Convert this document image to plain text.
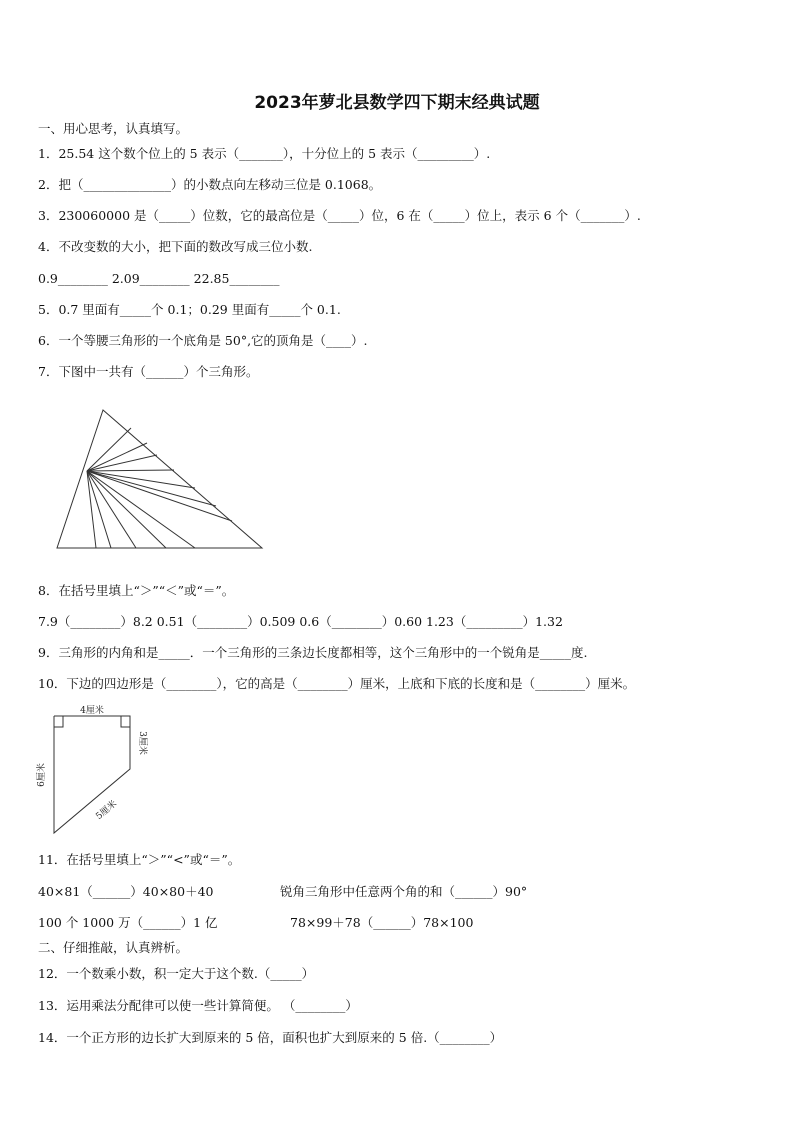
2023年萝北县数学四下期末经典试题
一、用心思考，认真填写。
1．25.54 这个数个位上的 5 表示（_______），十分位上的 5 表示（_________）.
2．把（______________）的小数点向左移动三位是 0.1068。
3．230060000 是（_____）位数，它的最高位是（_____）位，6 在（_____）位上，表示 6 个（_______）.
4．不改变数的大小，把下面的数改写成三位小数.
0.9________ 2.09________ 22.85________
5．0.7 里面有_____个 0.1；0.29 里面有_____个 0.1.
6．一个等腰三角形的一个底角是 50°,它的顶角是（____）.
7．下图中一共有（______）个三角形。
8．在括号里填上“＞”“＜”或“＝”。
7.9（________）8.2 0.51（________）0.509 0.6（________）0.60 1.23（_________）1.32
9．三角形的内角和是_____．一个三角形的三条边长度都相等，这个三角形中的一个锐角是_____度.
10．下边的四边形是（________），它的高是（________）厘米，上底和下底的长度和是（________）厘米。
4厘米
3厘米
6厘米
5厘米
11．在括号里填上“＞”“<”或“＝”。
40×81（______）40×80＋40	锐角三角形中任意两个角的和（______）90°
100 个 1000 万（______）1 亿	78×99＋78（______）78×100
二、仔细推敲，认真辨析。
12．一个数乘小数，积一定大于这个数.（_____）
13．运用乘法分配律可以使一些计算简便。 （________）
14．一个正方形的边长扩大到原来的 5 倍，面积也扩大到原来的 5 倍.（________）
